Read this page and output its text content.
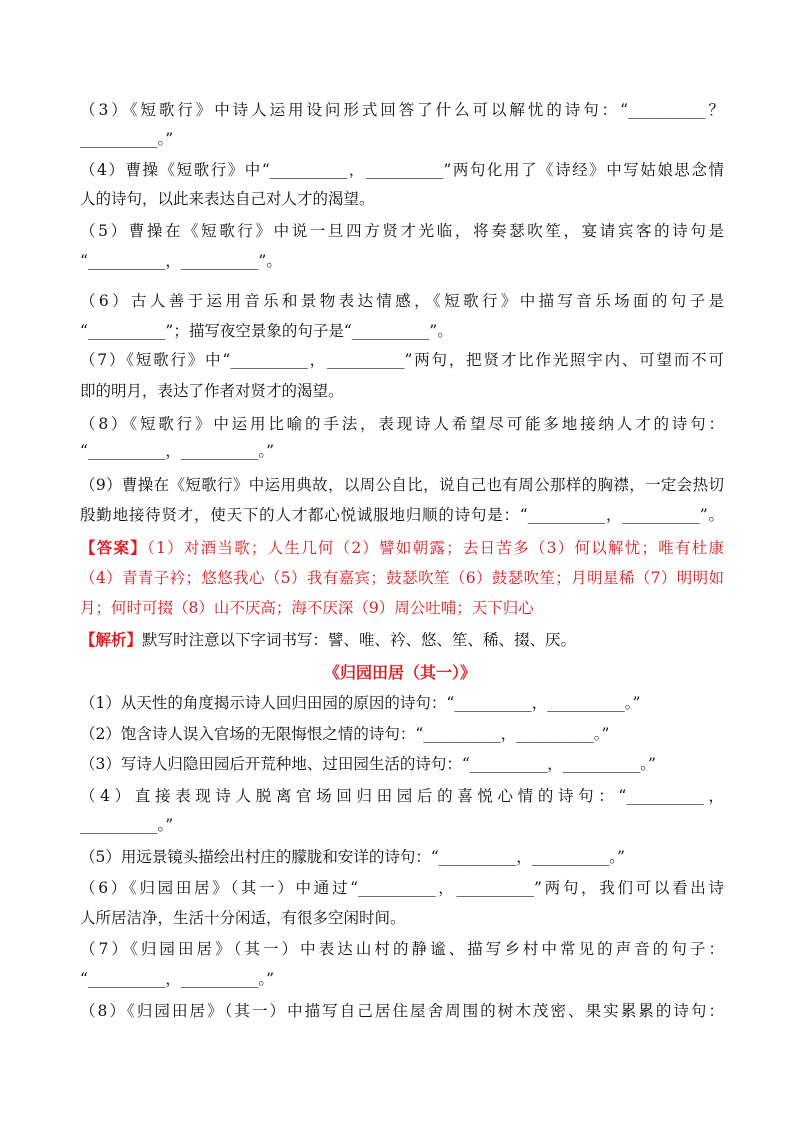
（3）《短歌行》中诗人运用设问形式回答了什么可以解忧的诗句：“__________？
__________。”
（4）曹操《短歌行》中“__________，__________”两句化用了《诗经》中写姑娘思念情
人的诗句，以此来表达自己对人才的渴望。
（5）曹操在《短歌行》中说一旦四方贤才光临，将奏瑟吹笙，宴请宾客的诗句是
“__________，__________”。
（6）古人善于运用音乐和景物表达情感，《短歌行》中描写音乐场面的句子是
“__________”；描写夜空景象的句子是“__________”。
（7）《短歌行》中“__________，__________”两句，把贤才比作光照宇内、可望而不可
即的明月，表达了作者对贤才的渴望。
（8）《短歌行》中运用比喻的手法，表现诗人希望尽可能多地接纳人才的诗句：
“__________，__________。”
（9）曹操在《短歌行》中运用典故，以周公自比，说自己也有周公那样的胸襟，一定会热切
殷勤地接待贤才，使天下的人才都心悦诚服地归顺的诗句是：“__________，__________”。
【答案】（1）对酒当歌；人生几何（2）譬如朝露；去日苦多（3）何以解忧；唯有杜康
（4）青青子衿；悠悠我心（5）我有嘉宾；鼓瑟吹笙（6）鼓瑟吹笙；月明星稀（7）明明如
月；何时可掇（8）山不厌高；海不厌深（9）周公吐哺；天下归心
【解析】默写时注意以下字词书写：譬、唯、衿、悠、笙、稀、掇、厌。
《归园田居（其一）》
（1）从天性的角度揭示诗人回归田园的原因的诗句：“__________，__________。”
（2）饱含诗人误入官场的无限悔恨之情的诗句：“__________，__________。”
（3）写诗人归隐田园后开荒种地、过田园生活的诗句：“__________，__________。”
（4）直接表现诗人脱离官场回归田园后的喜悦心情的诗句：“__________，
__________。”
（5）用远景镜头描绘出村庄的朦胧和安详的诗句：“__________，__________。”
（6）《归园田居》（其一）中通过“__________，__________”两句，我们可以看出诗
人所居洁净，生活十分闲适，有很多空闲时间。
（7）《归园田居》（其一）中表达山村的静谧、描写乡村中常见的声音的句子：
“__________，__________。”
（8）《归园田居》（其一）中描写自己居住屋舍周围的树木茂密、果实累累的诗句：
